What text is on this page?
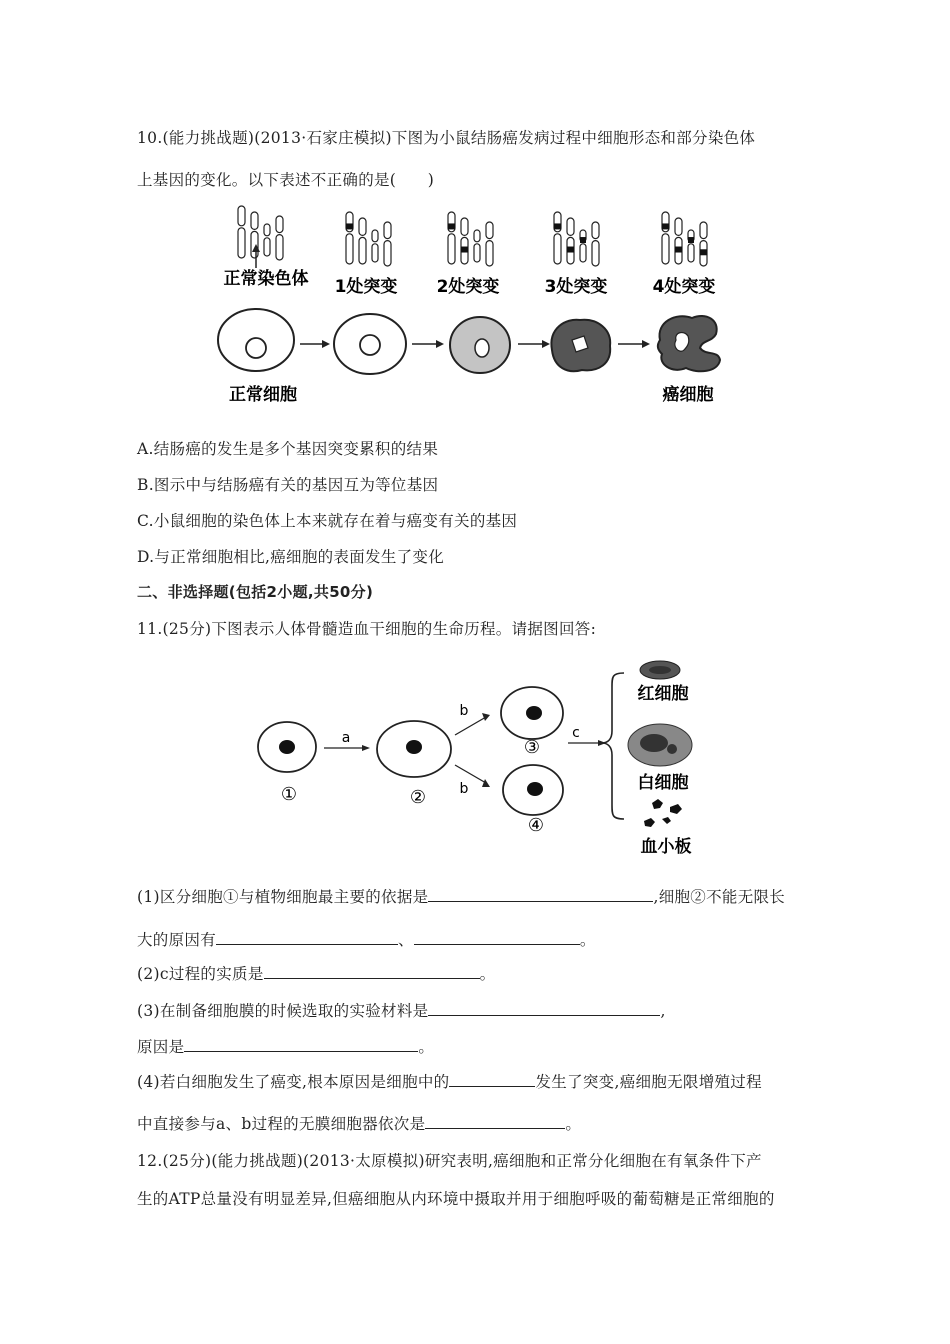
10.(能力挑战题)(2013·石家庄模拟)下图为小鼠结肠癌发病过程中细胞形态和部分染色体
上基因的变化。以下表述不正确的是(　　)
正常染色体 1处突变 2处突变	3处突变	4处突变
正常细胞	癌细胞
A.结肠癌的发生是多个基因突变累积的结果
B.图示中与结肠癌有关的基因互为等位基因
C.小鼠细胞的染色体上本来就存在着与癌变有关的基因
D.与正常细胞相比,癌细胞的表面发生了变化
二、非选择题(包括2小题,共50分)
11.(25分)下图表示人体骨髓造血干细胞的生命历程。请据图回答:
①
a
②
b
b
③
④
c
红细胞
白细胞
血小板
(1)区分细胞①与植物细胞最主要的依据是	,细胞②不能无限长
大的原因有	、	。
(2)c过程的实质是	。
(3)在制备细胞膜的时候选取的实验材料是	,
原因是	。
(4)若白细胞发生了癌变,根本原因是细胞中的	发生了突变,癌细胞无限增殖过程
中直接参与a、b过程的无膜细胞器依次是	。
12.(25分)(能力挑战题)(2013·太原模拟)研究表明,癌细胞和正常分化细胞在有氧条件下产
生的ATP总量没有明显差异,但癌细胞从内环境中摄取并用于细胞呼吸的葡萄糖是正常细胞的
